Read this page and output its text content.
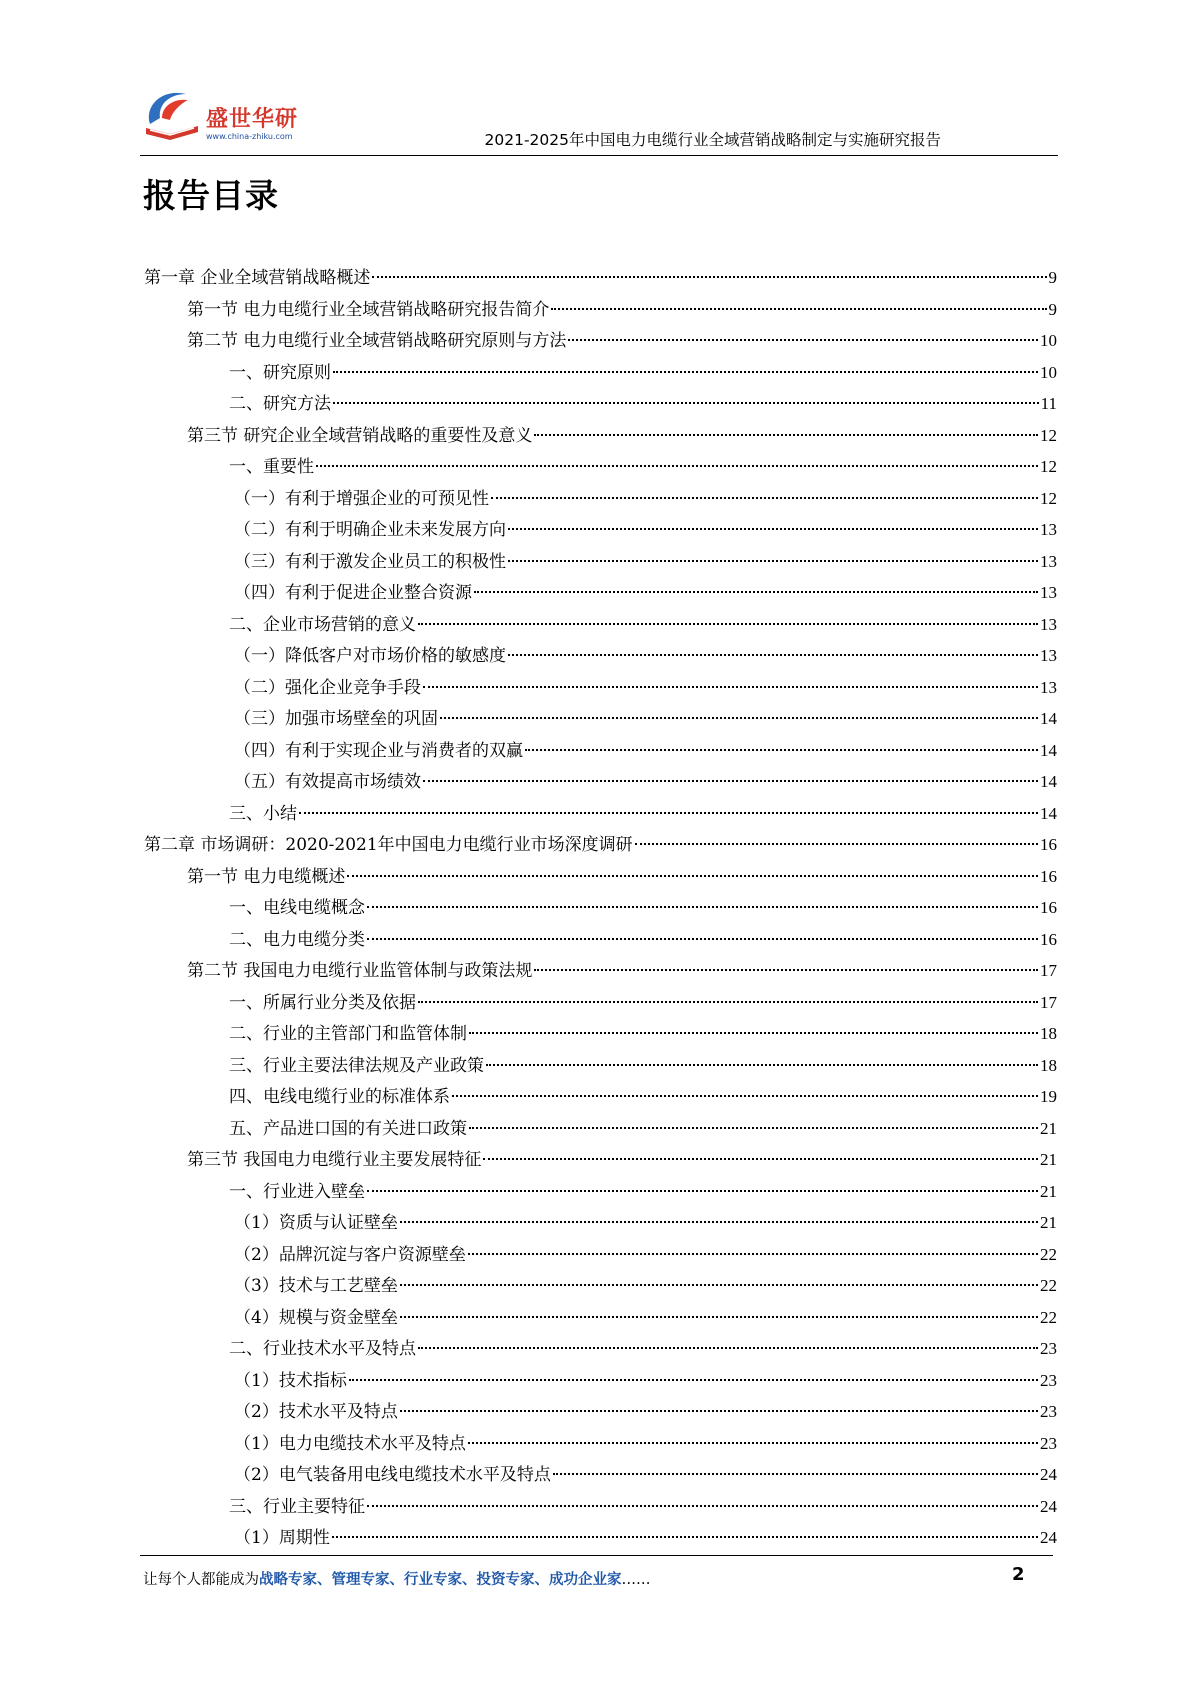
盛世华研
www.china-zhiku.com	2021-2025年中国电力电缆行业全域营销战略制定与实施研究报告
报告目录
第一章 企业全域营销战略概述	9
第一节 电力电缆行业全域营销战略研究报告简介	9
第二节 电力电缆行业全域营销战略研究原则与方法	10
一、研究原则	10
二、研究方法	11
第三节 研究企业全域营销战略的重要性及意义	12
一、重要性	12
（一）有利于增强企业的可预见性	12
（二）有利于明确企业未来发展方向	13
（三）有利于激发企业员工的积极性	13
（四）有利于促进企业整合资源	13
二、企业市场营销的意义	13
（一）降低客户对市场价格的敏感度	13
（二）强化企业竞争手段	13
（三）加强市场壁垒的巩固	14
（四）有利于实现企业与消费者的双赢	14
（五）有效提高市场绩效	14
三、小结	14
第二章 市场调研：2020-2021年中国电力电缆行业市场深度调研	16
第一节 电力电缆概述	16
一、电线电缆概念	16
二、电力电缆分类	16
第二节 我国电力电缆行业监管体制与政策法规	17
一、所属行业分类及依据	17
二、行业的主管部门和监管体制	18
三、行业主要法律法规及产业政策	18
四、电线电缆行业的标准体系	19
五、产品进口国的有关进口政策	21
第三节 我国电力电缆行业主要发展特征	21
一、行业进入壁垒	21
（1）资质与认证壁垒	21
（2）品牌沉淀与客户资源壁垒	22
（3）技术与工艺壁垒	22
（4）规模与资金壁垒	22
二、行业技术水平及特点	23
（1）技术指标	23
（2）技术水平及特点	23
（1）电力电缆技术水平及特点	23
（2）电气装备用电线电缆技术水平及特点	24
三、行业主要特征	24
（1）周期性	24
让每个人都能成为战略专家、管理专家、行业专家、投资专家、成功企业家……	2
